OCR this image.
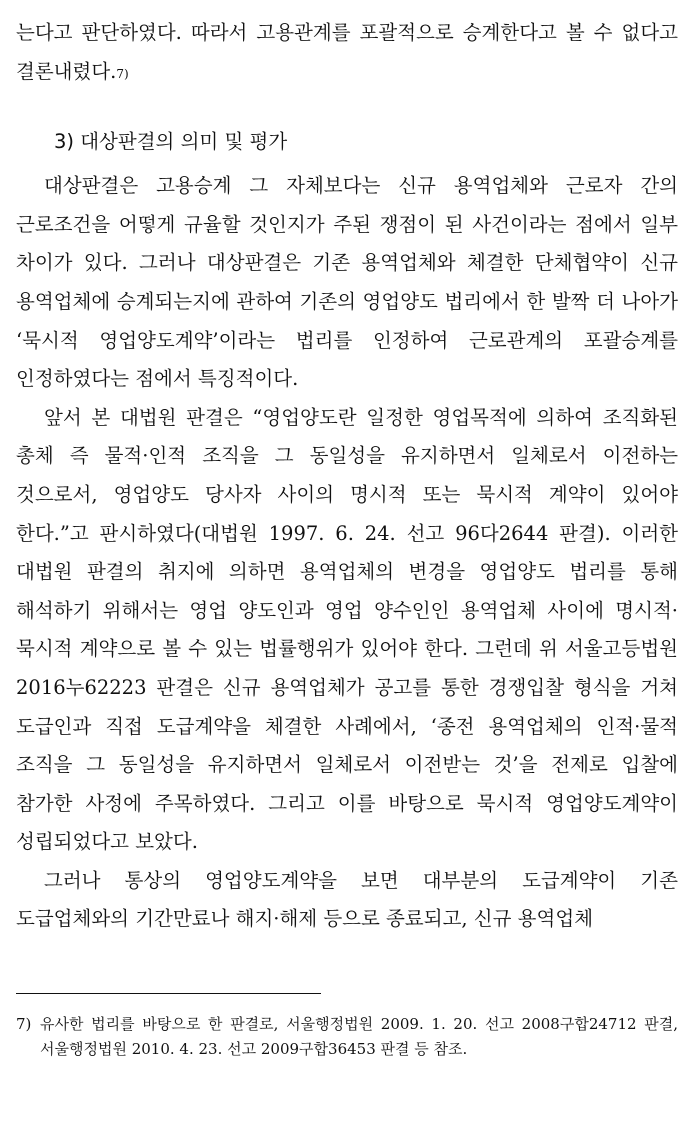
는다고 판단하였다. 따라서 고용관계를 포괄적으로 승계한다고 볼 수 없다고 결론내렸다.7)

3) 대상판결의 의미 및 평가

대상판결은 고용승계 그 자체보다는 신규 용역업체와 근로자 간의 근로조건을 어떻게 규율할 것인지가 주된 쟁점이 된 사건이라는 점에서 일부 차이가 있다. 그러나 대상판결은 기존 용역업체와 체결한 단체협약이 신규 용역업체에 승계되는지에 관하여 기존의 영업양도 법리에서 한 발짝 더 나아가 ‘묵시적 영업양도계약’이라는 법리를 인정하여 근로관계의 포괄승계를 인정하였다는 점에서 특징적이다.

앞서 본 대법원 판결은 “영업양도란 일정한 영업목적에 의하여 조직화된 총체 즉 물적·인적 조직을 그 동일성을 유지하면서 일체로서 이전하는 것으로서, 영업양도 당사자 사이의 명시적 또는 묵시적 계약이 있어야 한다.”고 판시하였다(대법원 1997. 6. 24. 선고 96다2644 판결). 이러한 대법원 판결의 취지에 의하면 용역업체의 변경을 영업양도 법리를 통해 해석하기 위해서는 영업 양도인과 영업 양수인인 용역업체 사이에 명시적·묵시적 계약으로 볼 수 있는 법률행위가 있어야 한다. 그런데 위 서울고등법원 2016누62223 판결은 신규 용역업체가 공고를 통한 경쟁입찰 형식을 거쳐 도급인과 직접 도급계약을 체결한 사례에서, ‘종전 용역업체의 인적·물적 조직을 그 동일성을 유지하면서 일체로서 이전받는 것’을 전제로 입찰에 참가한 사정에 주목하였다. 그리고 이를 바탕으로 묵시적 영업양도계약이 성립되었다고 보았다.

그러나 통상의 영업양도계약을 보면 대부분의 도급계약이 기존 도급업체와의 기간만료나 해지·해제 등으로 종료되고, 신규 용역업체

7) 유사한 법리를 바탕으로 한 판결로, 서울행정법원 2009. 1. 20. 선고 2008구합24712 판결, 서울행정법원 2010. 4. 23. 선고 2009구합36453 판결 등 참조.
